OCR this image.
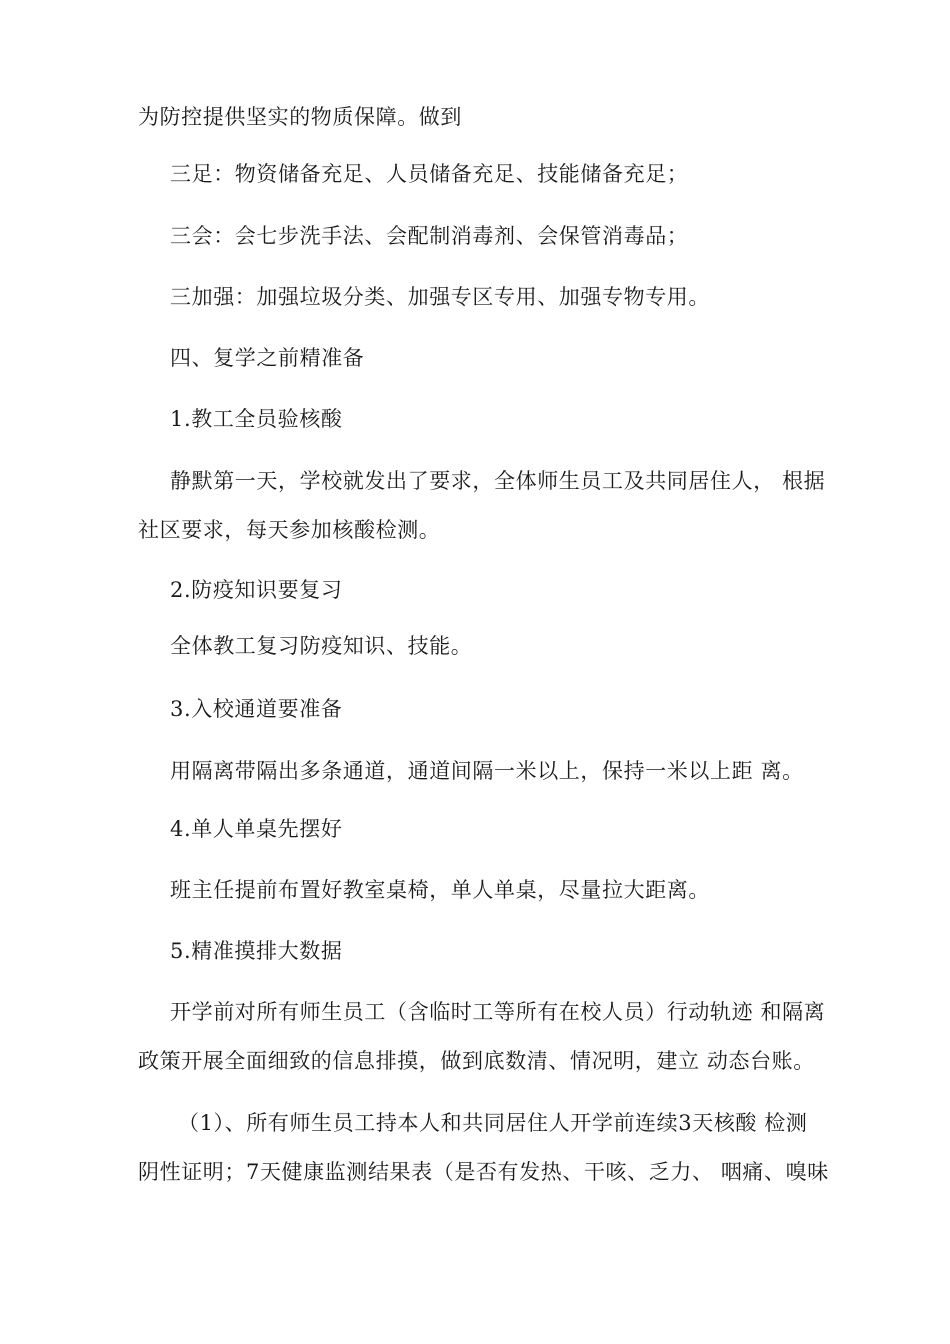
为防控提供坚实的物质保障。做到
三足：物资储备充足、人员储备充足、技能储备充足；
三会：会七步洗手法、会配制消毒剂、会保管消毒品；
三加强：加强垃圾分类、加强专区专用、加强专物专用。
四、复学之前精准备
1.教工全员验核酸
静默第一天，学校就发出了要求，全体师生员工及共同居住人， 根据
社区要求，每天参加核酸检测。
2.防疫知识要复习
全体教工复习防疫知识、技能。
3.入校通道要准备
用隔离带隔出多条通道，通道间隔一米以上，保持一米以上距 离。
4.单人单桌先摆好
班主任提前布置好教室桌椅，单人单桌，尽量拉大距离。
5.精准摸排大数据
开学前对所有师生员工（含临时工等所有在校人员）行动轨迹 和隔离
政策开展全面细致的信息排摸，做到底数清、情况明，建立 动态台账。
（1）、所有师生员工持本人和共同居住人开学前连续3天核酸 检测
阴性证明；7天健康监测结果表（是否有发热、干咳、乏力、 咽痛、嗅味
